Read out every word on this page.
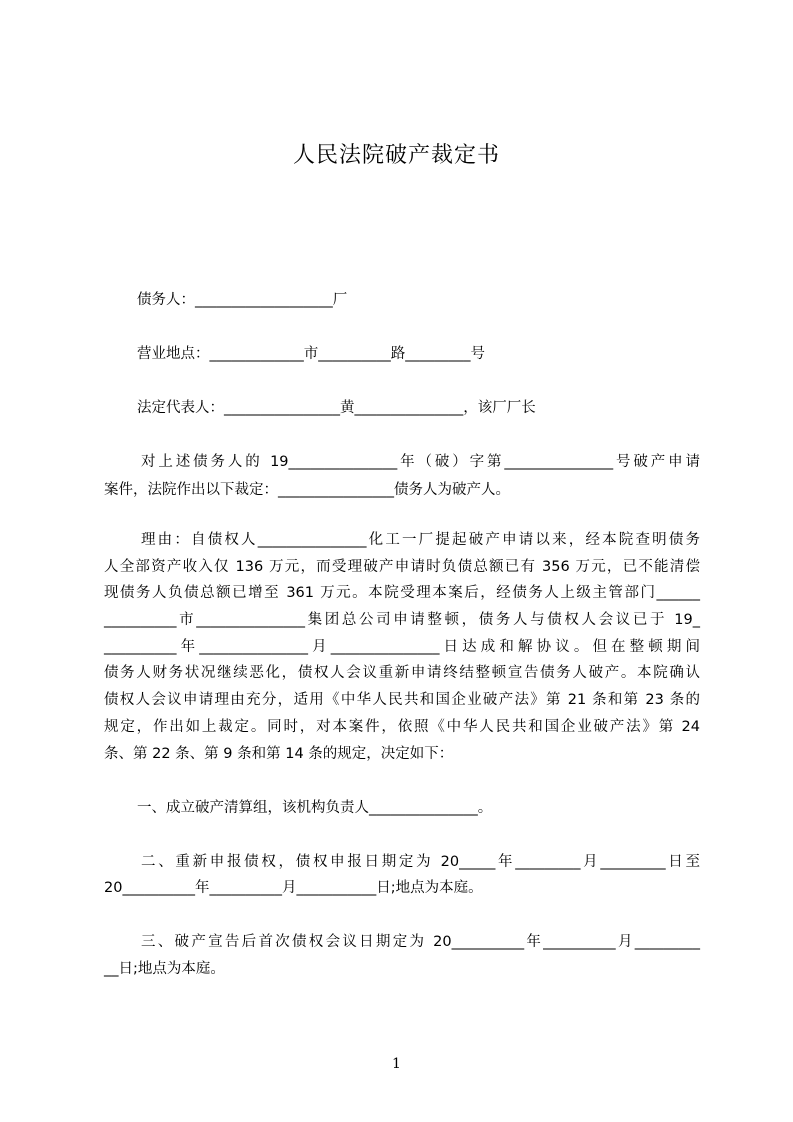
人民法院破产裁定书

债务人：___________________厂

营业地点：_____________市__________路_________号

法定代表人：________________黄_______________，该厂厂长

对上述债务人的 19_______________年（破）字第_______________号破产申请

案件，法院作出以下裁定：________________债务人为破产人。

理由：自债权人_______________化工一厂提起破产申请以来，经本院查明债务

人全部资产收入仅 136 万元，而受理破产申请时负债总额已有 356 万元，已不能清偿

现债务人负债总额已增至 361 万元。本院受理本案后，经债务人上级主管部门______

__________市_______________集团总公司申请整顿，债务人与债权人会议已于 19_

__________年_______________月_______________日达成和解协议。但在整顿期间

债务人财务状况继续恶化，债权人会议重新申请终结整顿宣告债务人破产。本院确认

债权人会议申请理由充分，适用《中华人民共和国企业破产法》第 21 条和第 23 条的

规定，作出如上裁定。同时，对本案件，依照《中华人民共和国企业破产法》第 24

条、第 22 条、第 9 条和第 14 条的规定，决定如下：

一、成立破产清算组，该机构负责人_______________。

二、重新申报债权，债权申报日期定为 20_____年_________月_________日至

20__________年__________月___________日;地点为本庭。

三、破产宣告后首次债权会议日期定为 20__________年__________月_________

__日;地点为本庭。

1
